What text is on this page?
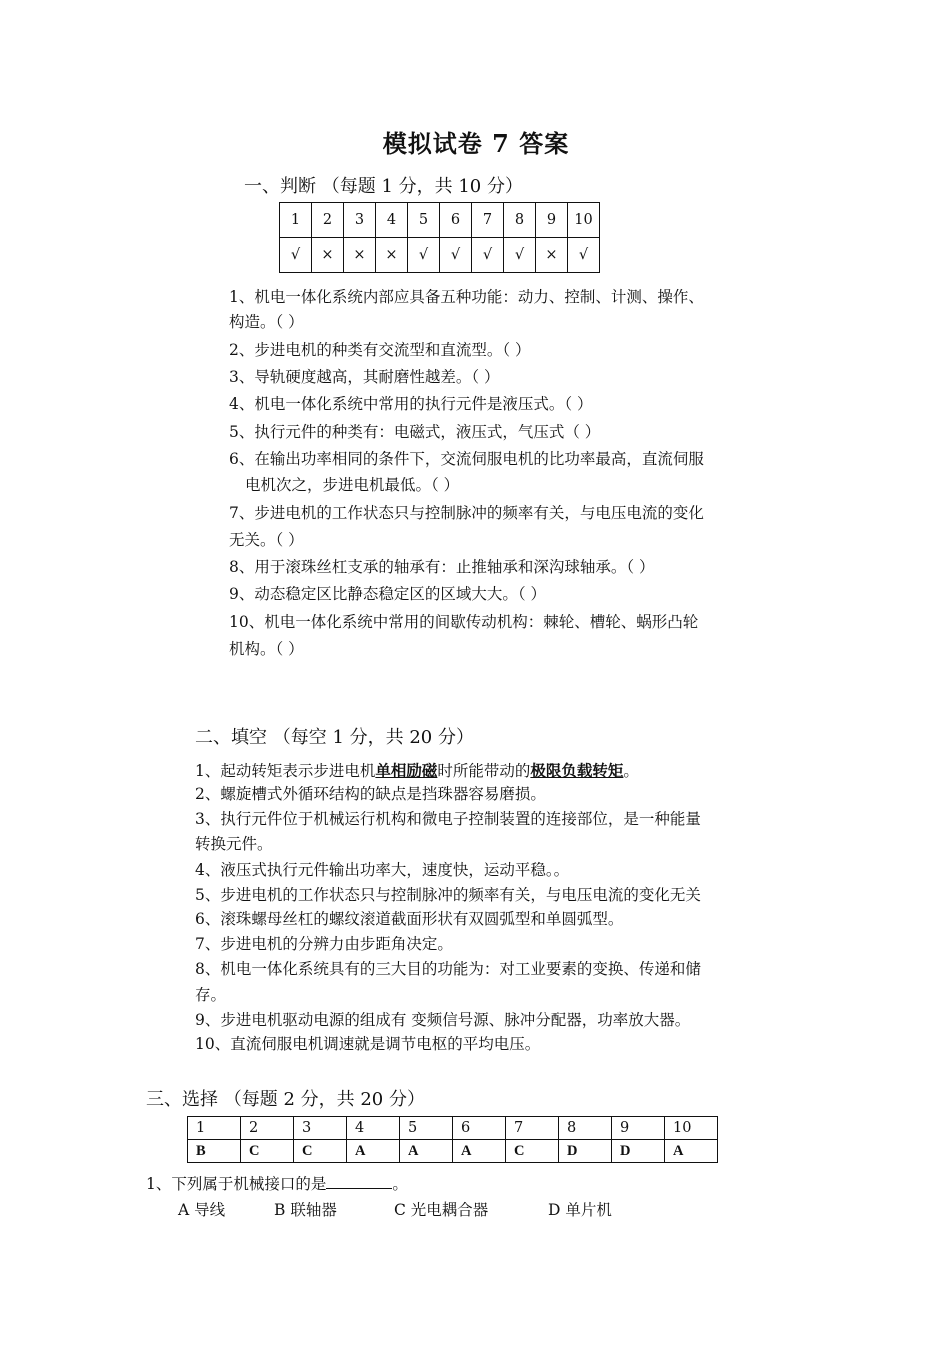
模拟试卷 7 答案
一、判断 （每题 1 分，共 10 分）
1	2	3	4	5	6	7	8	9	10
√	×	×	×	√	√	√	√	×	√
1、机电一体化系统内部应具备五种功能：动力、控制、计测、操作、
构造。（ ）
2、步进电机的种类有交流型和直流型。（ ）
3、导轨硬度越高，其耐磨性越差。（ ）
4、机电一体化系统中常用的执行元件是液压式。（ ）
5、执行元件的种类有：电磁式，液压式，气压式（ ）
6、在输出功率相同的条件下，交流伺服电机的比功率最高，直流伺服
电机次之，步进电机最低。（ ）
7、步进电机的工作状态只与控制脉冲的频率有关，与电压电流的变化
无关。（ ）
8、用于滚珠丝杠支承的轴承有：止推轴承和深沟球轴承。（ ）
9、动态稳定区比静态稳定区的区域大大。（ ）
10、机电一体化系统中常用的间歇传动机构：棘轮、槽轮、蜗形凸轮
机构。（ ）
二、填空 （每空 1 分，共 20 分）
1、起动转矩表示步进电机单相励磁时所能带动的极限负载转矩。
2、螺旋槽式外循环结构的缺点是挡珠器容易磨损。
3、执行元件位于机械运行机构和微电子控制装置的连接部位，是一种能量
转换元件。
4、液压式执行元件输出功率大，速度快，运动平稳。。
5、步进电机的工作状态只与控制脉冲的频率有关，与电压电流的变化无关
6、滚珠螺母丝杠的螺纹滚道截面形状有双圆弧型和单圆弧型。
7、步进电机的分辨力由步距角决定。
8、机电一体化系统具有的三大目的功能为：对工业要素的变换、传递和储
存。
9、步进电机驱动电源的组成有 变频信号源、脉冲分配器，功率放大器。
10、直流伺服电机调速就是调节电枢的平均电压。
三、选择 （每题 2 分，共 20 分）
1	2	3	4	5	6	7	8	9	10
B	C	C	A	A	A	C	D	D	A
1、下列属于机械接口的是	。
A 导线	B 联轴器	C 光电耦合器	D 单片机
